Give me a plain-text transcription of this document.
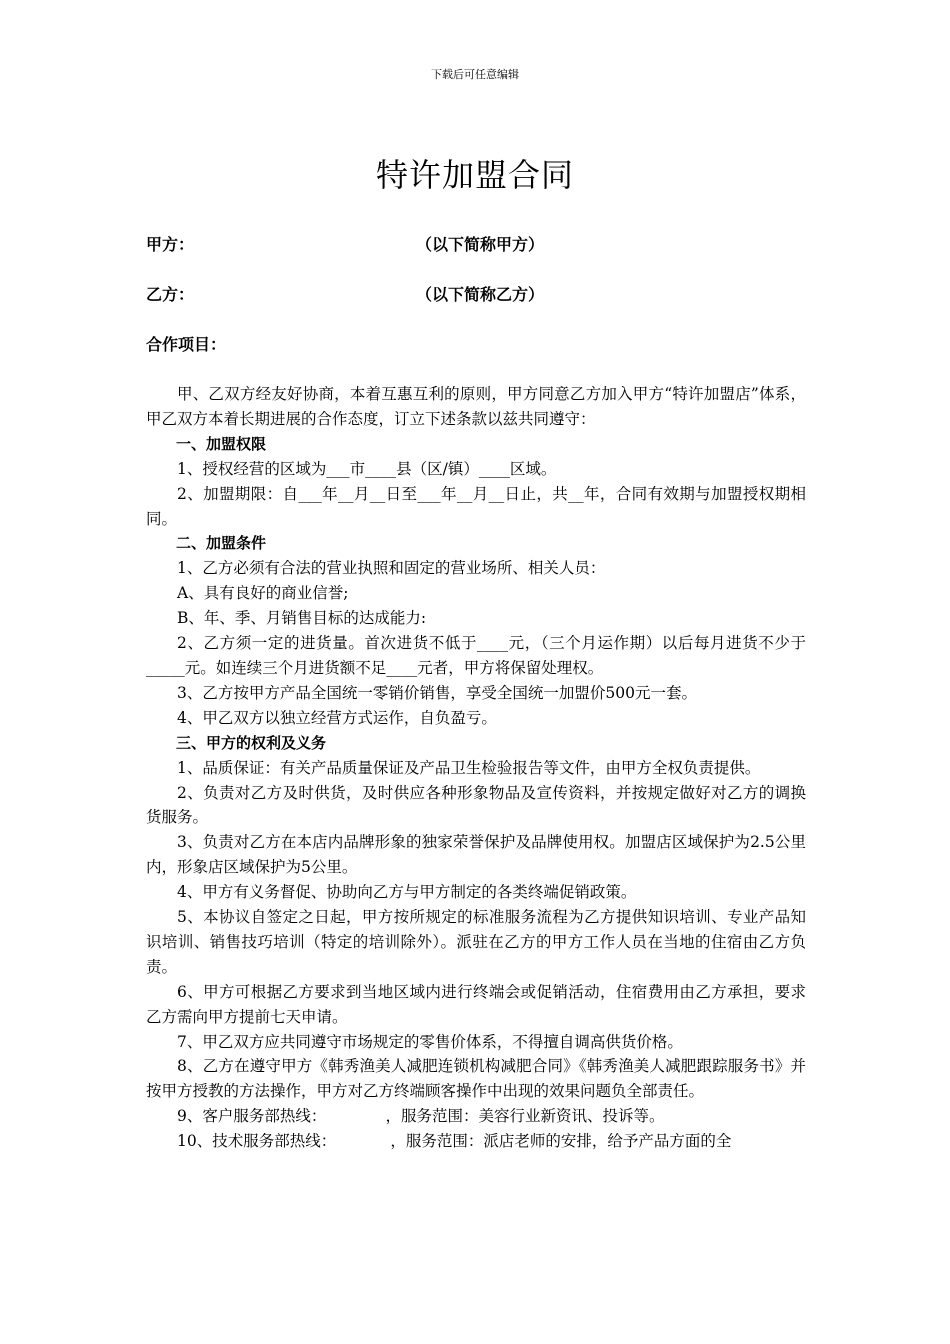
下载后可任意编辑
特许加盟合同
甲方：	（以下简称甲方）
乙方：	（以下简称乙方）
合作项目：

甲、乙双方经友好协商，本着互惠互利的原则，甲方同意乙方加入甲方“特许加盟店”体系，甲乙双方本着长期进展的合作态度，订立下述条款以兹共同遵守：

一、加盟权限

1、授权经营的区域为___市____县（区/镇）____区域。

2、加盟期限：自___年__月__日至___年__月__日止，共__年，合同有效期与加盟授权期相同。

二、加盟条件

1、乙方必须有合法的营业执照和固定的营业场所、相关人员：

A、具有良好的商业信誉;

B、年、季、月销售目标的达成能力:

2、乙方须一定的进货量。首次进货不低于____元，（三个月运作期）以后每月进货不少于_____元。如连续三个月进货额不足____元者，甲方将保留处理权。

3、乙方按甲方产品全国统一零销价销售，享受全国统一加盟价500元一套。

4、甲乙双方以独立经营方式运作，自负盈亏。

三、甲方的权利及义务

1、品质保证：有关产品质量保证及产品卫生检验报告等文件，由甲方全权负责提供。

2、负责对乙方及时供货，及时供应各种形象物品及宣传资料，并按规定做好对乙方的调换货服务。

3、负责对乙方在本店内品牌形象的独家荣誉保护及品牌使用权。加盟店区域保护为2.5公里内，形象店区域保护为5公里。

4、甲方有义务督促、协助向乙方与甲方制定的各类终端促销政策。

5、本协议自签定之日起，甲方按所规定的标准服务流程为乙方提供知识培训、专业产品知识培训、销售技巧培训（特定的培训除外）。派驻在乙方的甲方工作人员在当地的住宿由乙方负责。

6、甲方可根据乙方要求到当地区域内进行终端会或促销活动，住宿费用由乙方承担，要求乙方需向甲方提前七天申请。

7、甲乙双方应共同遵守市场规定的零售价体系，不得擅自调高供货价格。

8、乙方在遵守甲方《韩秀渔美人减肥连锁机构减肥合同》《韩秀渔美人减肥跟踪服务书》并按甲方授教的方法操作，甲方对乙方终端顾客操作中出现的效果问题负全部责任。

9、客户服务部热线：            ，服务范围：美容行业新资讯、投诉等。

10、技术服务部热线：           ，服务范围：派店老师的安排，给予产品方面的全
